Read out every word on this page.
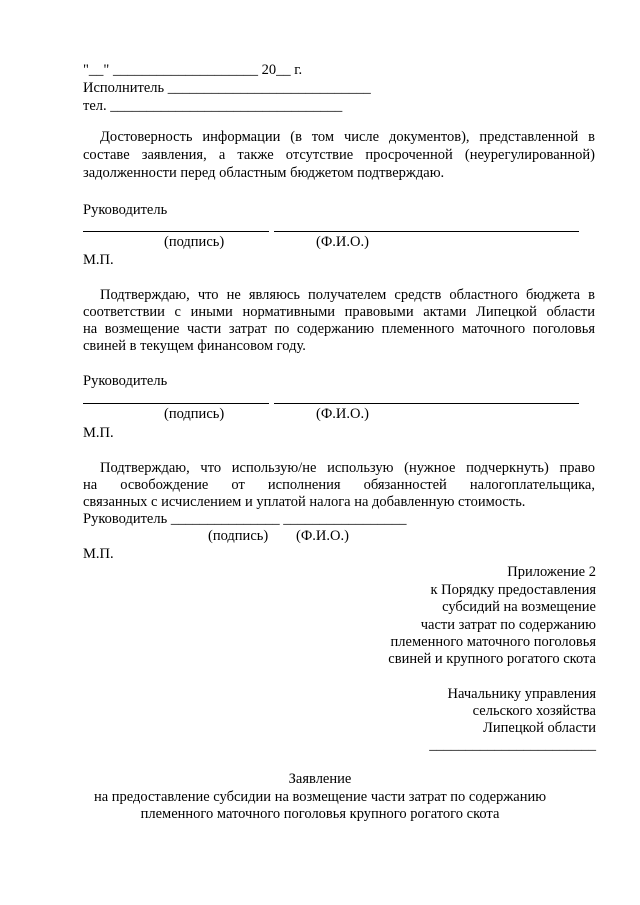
"__" ____________________ 20__ г.
Исполнитель ____________________________
тел. ________________________________
Достоверность информации (в том числе документов), представленной в
составе заявления, а также отсутствие просроченной (неурегулированной)
задолженности перед областным бюджетом подтверждаю.
Руководитель
(подпись)	(Ф.И.О.)
М.П.
Подтверждаю, что не являюсь получателем средств областного бюджета в
соответствии с иными нормативными правовыми актами Липецкой области
на возмещение части затрат по содержанию племенного маточного поголовья
свиней в текущем финансовом году.
Руководитель
(подпись)	(Ф.И.О.)
М.П.
Подтверждаю, что использую/не использую (нужное подчеркнуть) право
на освобождение от исполнения обязанностей налогоплательщика,
связанных с исчислением и уплатой налога на добавленную стоимость.
Руководитель _______________ _________________
(подпись) (Ф.И.О.)
М.П.
Приложение 2
к Порядку предоставления
субсидий на возмещение
части затрат по содержанию
племенного маточного поголовья
свиней и крупного рогатого скота
Начальнику управления
сельского хозяйства
Липецкой области
_______________________
Заявление
на предоставление субсидии на возмещение части затрат по содержанию
племенного маточного поголовья крупного рогатого скота
